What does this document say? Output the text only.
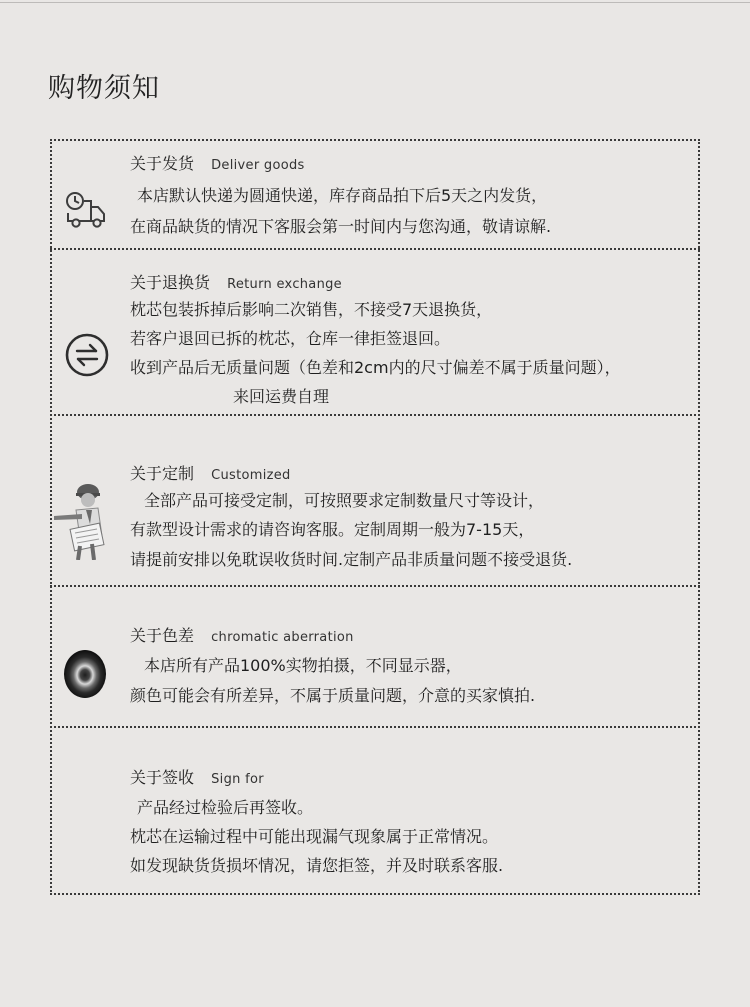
购物须知
关于发货 Deliver goods
本店默认快递为圆通快递，库存商品拍下后5天之内发货，
在商品缺货的情况下客服会第一时间内与您沟通，敬请谅解.
关于退换货 Return exchange
枕芯包装拆掉后影响二次销售，不接受7天退换货，
若客户退回已拆的枕芯，仓库一律拒签退回。
收到产品后无质量问题（色差和2cm内的尺寸偏差不属于质量问题），
来回运费自理
关于定制 Customized
全部产品可接受定制，可按照要求定制数量尺寸等设计，
有款型设计需求的请咨询客服。定制周期一般为7-15天，
请提前安排以免耽误收货时间.定制产品非质量问题不接受退货.
关于色差 chromatic aberration
本店所有产品100%实物拍摄，不同显示器，
颜色可能会有所差异，不属于质量问题，介意的买家慎拍.
关于签收 Sign for
产品经过检验后再签收。
枕芯在运输过程中可能出现漏气现象属于正常情况。
如发现缺货货损坏情况，请您拒签，并及时联系客服.
